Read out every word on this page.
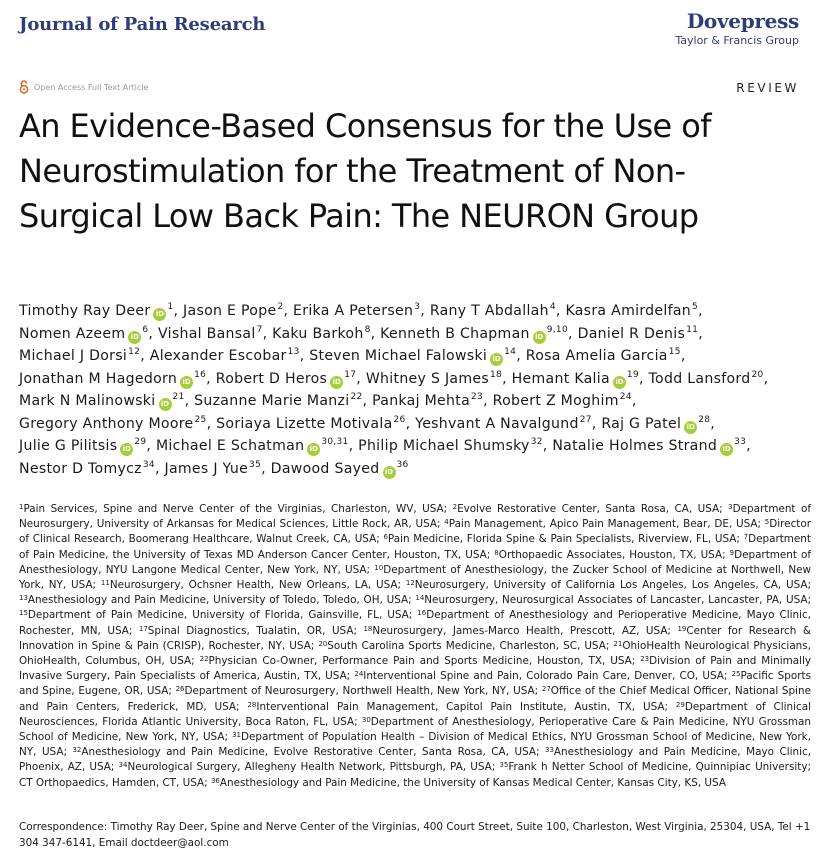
Journal of Pain Research	Dovepress
Taylor & Francis Group
Open Access Full Text Article	REVIEW
An Evidence-Based Consensus for the Use of Neurostimulation for the Treatment of Non-Surgical Low Back Pain: The NEURON Group
Timothy Ray Deer $iD^1$, Jason E Pope$^2$, Erika A Petersen$^3$, Rany T Abdallah$^4$, Kasra Amirdelfan$^5$, Nomen Azeem $iD^6$, Vishal Bansal$^7$, Kaku Barkoh$^8$, Kenneth B Chapman iD$^{9,10}$, Daniel R Denis$^{11}$, Michael J Dorsi$^{12}$, Alexander Escobar$^{13}$, Steven Michael Falowski $iD^{14}$, Rosa Amelia Garcia$^{15}$, Jonathan M Hagedorn $iD^{16}$, Robert D Heros $iD^{17}$, Whitney S James$^{18}$, Hemant Kalia $iD^{19}$, Todd Lansford$^{20}$, Mark N Malinowski $iD^{21}$, Suzanne Marie Manzi$^{22}$, Pankaj Mehta$^{23}$, Robert Z Moghim$^{24}$, Gregory Anthony Moore$^{25}$, Soriaya Lizette Motivala$^{26}$, Yeshvant A Navalgund$^{27}$, Raj G Patel $iD^{28}$, Julie G Pilitsis $iD^{29}$, Michael E Schatman iD$^{30,31}$, Philip Michael Shumsky$^{32}$, Natalie Holmes Strand $iD^{33}$, Nestor D Tomycz$^{34}$, James J Yue$^{35}$, Dawood Sayed $iD^{36}$
$^1$Pain Services, Spine and Nerve Center of the Virginias, Charleston, WV, USA; $^2$Evolve Restorative Center, Santa Rosa, CA, USA; $^3$Department of Neurosurgery, University of Arkansas for Medical Sciences, Little Rock, AR, USA; $^4$Pain Management, Apico Pain Management, Bear, DE, USA; $^5$Director of Clinical Research, Boomerang Healthcare, Walnut Creek, CA, USA; $^6$Pain Medicine, Florida Spine & Pain Specialists, Riverview, FL, USA; $^7$Department of Pain Medicine, the University of Texas MD Anderson Cancer Center, Houston, TX, USA; $^8$Orthopaedic Associates, Houston, TX, USA; $^9$Department of Anesthesiology, NYU Langone Medical Center, New York, NY, USA; $^{10}$Department of Anesthesiology, the Zucker School of Medicine at Northwell, New York, NY, USA; $^{11}$Neurosurgery, Ochsner Health, New Orleans, LA, USA; $^{12}$Neurosurgery, University of California Los Angeles, Los Angeles, CA, USA; $^{13}$Anesthesiology and Pain Medicine, University of Toledo, Toledo, OH, USA; $^{14}$Neurosurgery, Neurosurgical Associates of Lancaster, Lancaster, PA, USA; $^{15}$Department of Pain Medicine, University of Florida, Gainsville, FL, USA; $^{16}$Department of Anesthesiology and Perioperative Medicine, Mayo Clinic, Rochester, MN, USA; $^{17}$Spinal Diagnostics, Tualatin, OR, USA; $^{18}$Neurosurgery, James-Marco Health, Prescott, AZ, USA; $^{19}$Center for Research & Innovation in Spine & Pain (CRISP), Rochester, NY, USA; $^{20}$South Carolina Sports Medicine, Charleston, SC, USA; $^{21}$OhioHealth Neurological Physicians, OhioHealth, Columbus, OH, USA; $^{22}$Physician Co-Owner, Performance Pain and Sports Medicine, Houston, TX, USA; $^{23}$Division of Pain and Minimally Invasive Surgery, Pain Specialists of America, Austin, TX, USA; $^{24}$Interventional Spine and Pain, Colorado Pain Care, Denver, CO, USA; $^{25}$Pacific Sports and Spine, Eugene, OR, USA; $^{26}$Department of Neurosurgery, Northwell Health, New York, NY, USA; $^{27}$Office of the Chief Medical Officer, National Spine and Pain Centers, Frederick, MD, USA; $^{28}$Interventional Pain Management, Capitol Pain Institute, Austin, TX, USA; $^{29}$Department of Clinical Neurosciences, Florida Atlantic University, Boca Raton, FL, USA; $^{30}$Department of Anesthesiology, Perioperative Care & Pain Medicine, NYU Grossman School of Medicine, New York, NY, USA; $^{31}$Department of Population Health – Division of Medical Ethics, NYU Grossman School of Medicine, New York, NY, USA; $^{32}$Anesthesiology and Pain Medicine, Evolve Restorative Center, Santa Rosa, CA, USA; $^{33}$Anesthesiology and Pain Medicine, Mayo Clinic, Phoenix, AZ, USA; $^{34}$Neurological Surgery, Allegheny Health Network, Pittsburgh, PA, USA; $^{35}$Frank h Netter School of Medicine, Quinnipiac University; CT Orthopaedics, Hamden, CT, USA; $^{36}$Anesthesiology and Pain Medicine, the University of Kansas Medical Center, Kansas City, KS, USA
Correspondence: Timothy Ray Deer, Spine and Nerve Center of the Virginias, 400 Court Street, Suite 100, Charleston, West Virginia, 25304, USA, Tel +1 304 347-6141, Email doctdeer@aol.com
